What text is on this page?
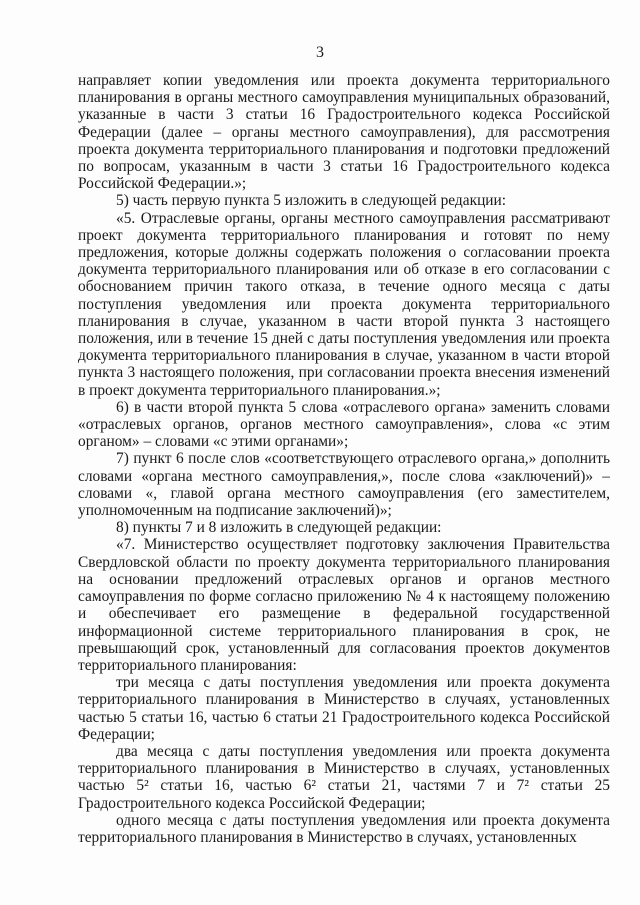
3

направляет копии уведомления или проекта документа территориального планирования в органы местного самоуправления муниципальных образований, указанные в части 3 статьи 16 Градостроительного кодекса Российской Федерации (далее – органы местного самоуправления), для рассмотрения проекта документа территориального планирования и подготовки предложений по вопросам, указанным в части 3 статьи 16 Градостроительного кодекса Российской Федерации.»;

5) часть первую пункта 5 изложить в следующей редакции:

«5. Отраслевые органы, органы местного самоуправления рассматривают проект документа территориального планирования и готовят по нему предложения, которые должны содержать положения о согласовании проекта документа территориального планирования или об отказе в его согласовании с обоснованием причин такого отказа, в течение одного месяца с даты поступления уведомления или проекта документа территориального планирования в случае, указанном в части второй пункта 3 настоящего положения, или в течение 15 дней с даты поступления уведомления или проекта документа территориального планирования в случае, указанном в части второй пункта 3 настоящего положения, при согласовании проекта внесения изменений в проект документа территориального планирования.»;

6) в части второй пункта 5 слова «отраслевого органа» заменить словами «отраслевых органов, органов местного самоуправления», слова «с этим органом» – словами «с этими органами»;

7) пункт 6 после слов «соответствующего отраслевого органа,» дополнить словами «органа местного самоуправления,», после слова «заключений)» – словами «, главой органа местного самоуправления (его заместителем, уполномоченным на подписание заключений)»;

8) пункты 7 и 8 изложить в следующей редакции:

«7. Министерство осуществляет подготовку заключения Правительства Свердловской области по проекту документа территориального планирования на основании предложений отраслевых органов и органов местного самоуправления по форме согласно приложению № 4 к настоящему положению и обеспечивает его размещение в федеральной государственной информационной системе территориального планирования в срок, не превышающий срок, установленный для согласования проектов документов территориального планирования:

три месяца с даты поступления уведомления или проекта документа территориального планирования в Министерство в случаях, установленных частью 5 статьи 16, частью 6 статьи 21 Градостроительного кодекса Российской Федерации;

два месяца с даты поступления уведомления или проекта документа территориального планирования в Министерство в случаях, установленных частью 5² статьи 16, частью 6² статьи 21, частями 7 и 7² статьи 25 Градостроительного кодекса Российской Федерации;

одного месяца с даты поступления уведомления или проекта документа территориального планирования в Министерство в случаях, установленных
